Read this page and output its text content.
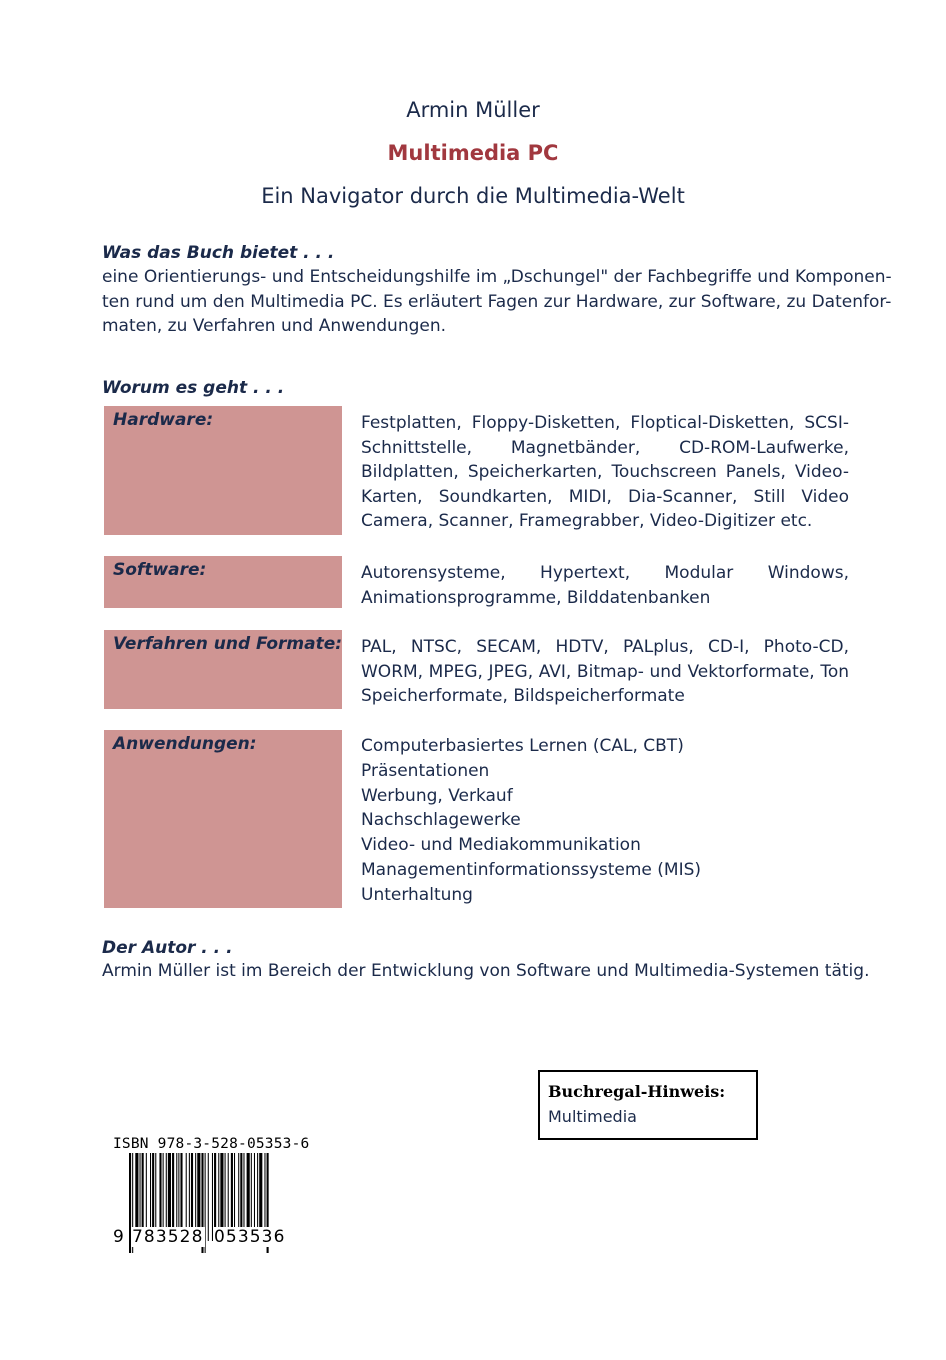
Armin Müller
Multimedia PC
Ein Navigator durch die Multimedia-Welt
Was das Buch bietet . . .
eine Orientierungs- und Entscheidungshilfe im „Dschungel" der Fachbegriffe und Komponen-
ten rund um den Multimedia PC. Es erläutert Fagen zur Hardware, zur Software, zu Datenfor-
maten, zu Verfahren und Anwendungen.
Worum es geht . . .
Hardware:	Festplatten, Floppy-Disketten, Floptical-Disketten, SCSI-Schnittstelle, Magnetbänder, CD-ROM-Laufwerke, Bildplatten, Speicherkarten, Touchscreen Panels, Video-Karten, Soundkarten, MIDI, Dia-Scanner, Still Video Camera, Scanner, Framegrabber, Video-Digitizer etc.
Software:	Autorensysteme, Hypertext, Modular Windows, Animationsprogramme, Bilddatenbanken
Verfahren und Formate: PAL, NTSC, SECAM, HDTV, PALplus, CD-I, Photo-CD, WORM, MPEG, JPEG, AVI, Bitmap- und Vektorformate, Ton Speicherformate, Bildspeicherformate
Anwendungen:	Computerbasiertes Lernen (CAL, CBT)
Präsentationen
Werbung, Verkauf
Nachschlagewerke
Video- und Mediakommunikation
Managementinformationssysteme (MIS)
Unterhaltung
Der Autor . . .
Armin Müller ist im Bereich der Entwicklung von Software und Multimedia-Systemen tätig.
Buchregal-Hinweis:
Multimedia
ISBN 978-3-528-05353-6
9 783528 053536
